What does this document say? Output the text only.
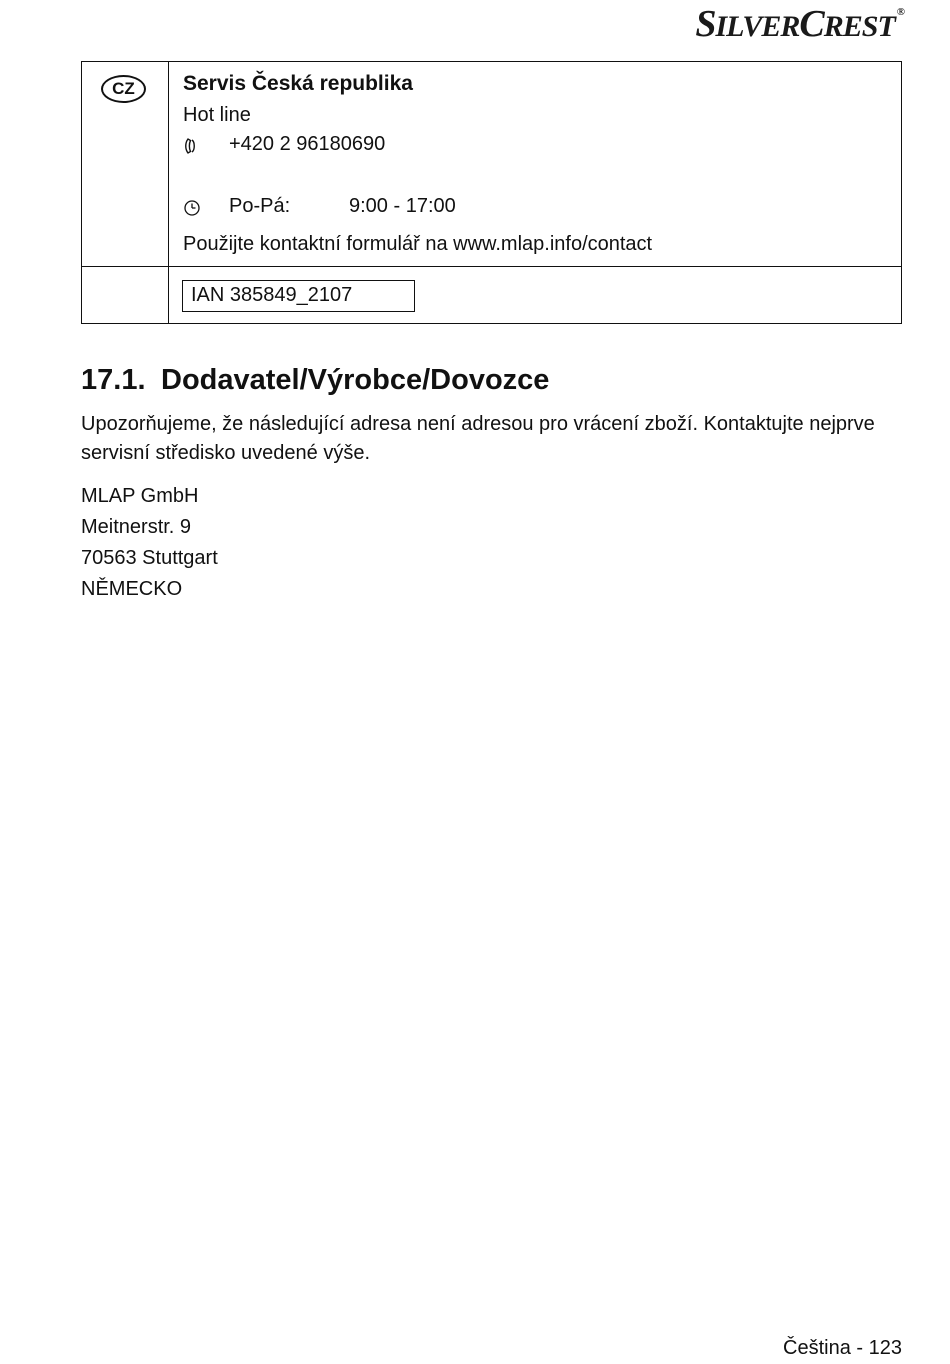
SILVERCREST ®
CZ	Servis Česká republika
Hot line
+420 2 96180690
Po-Pá:	9:00 - 17:00
Použijte kontaktní formulář na www.mlap.info/contact
IAN 385849_2107
17.1. Dodavatel/Výrobce/Dovozce
Upozorňujeme, že následující adresa není adresou pro vrácení zboží. Kontaktujte nejprve servisní středisko uvedené výše.
MLAP GmbH
Meitnerstr. 9
70563 Stuttgart
NĚMECKO
Čeština - 123
